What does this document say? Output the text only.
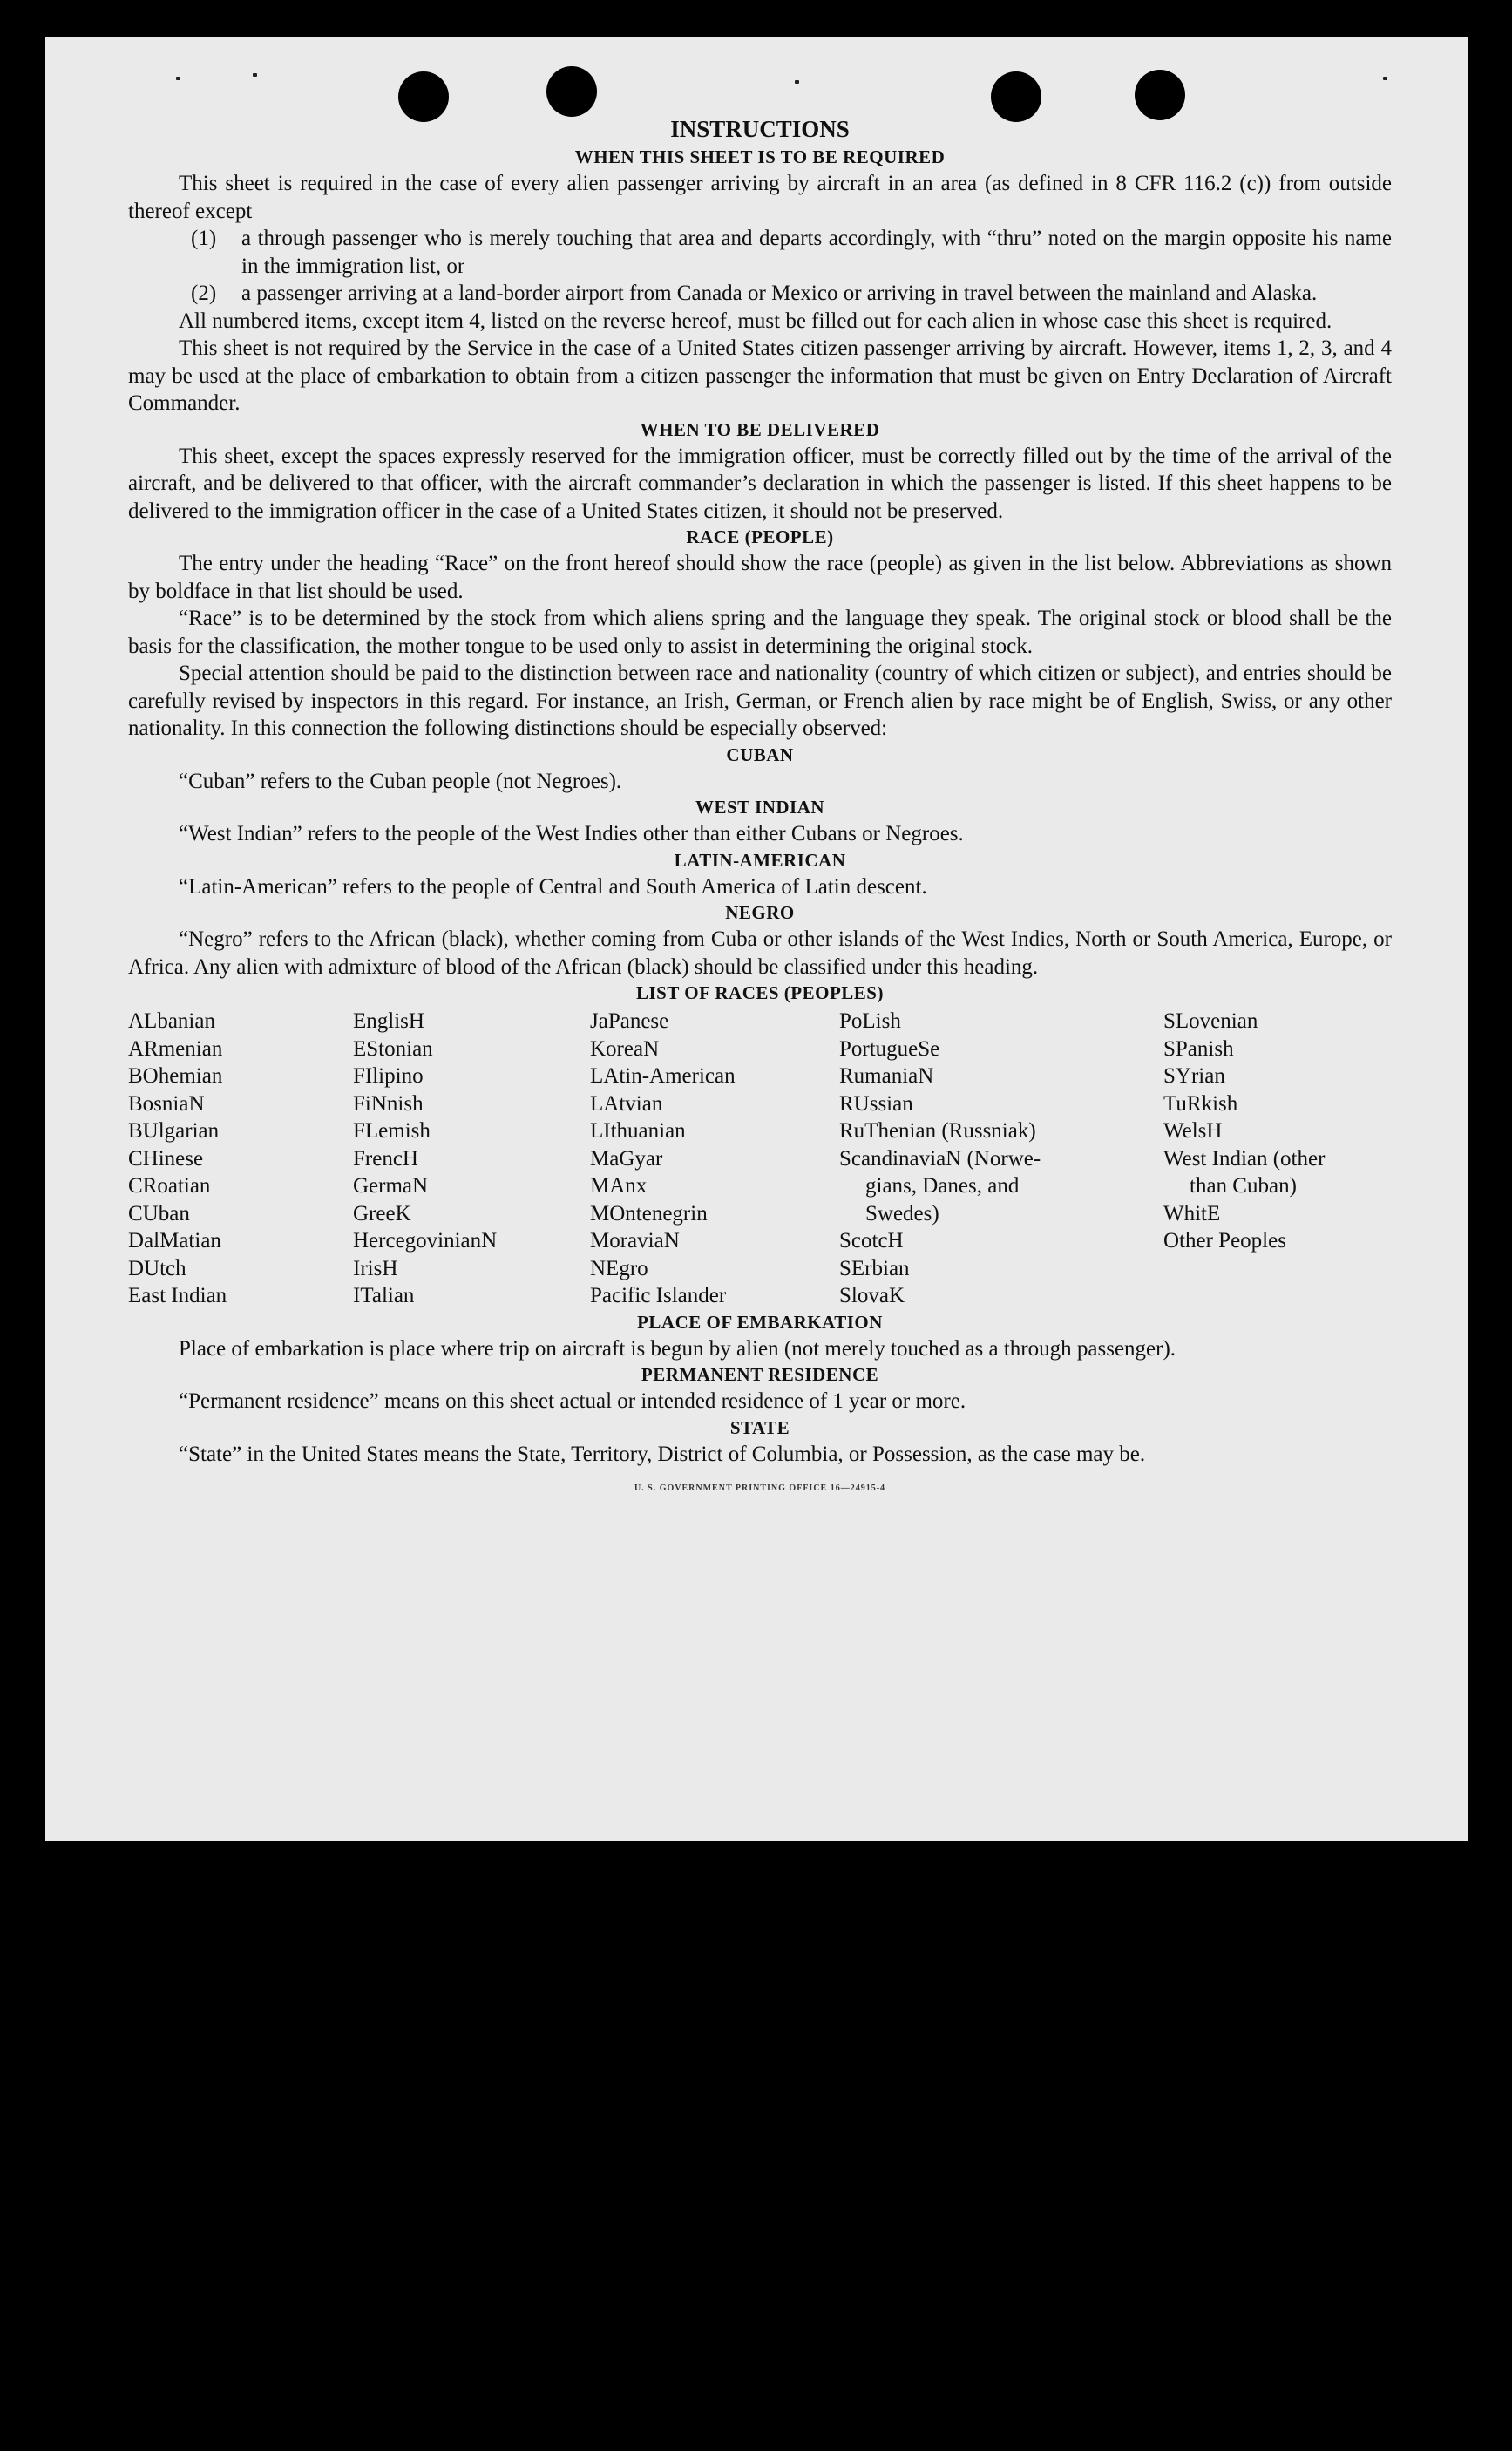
INSTRUCTIONS
WHEN THIS SHEET IS TO BE REQUIRED

This sheet is required in the case of every alien passenger arriving by aircraft in an area (as defined in 8 CFR 116.2 (c)) from outside thereof except

(1)	a through passenger who is merely touching that area and departs accordingly, with “thru” noted on the margin opposite his name in the immigration list, or
(2)	a passenger arriving at a land-border airport from Canada or Mexico or arriving in travel between the mainland and Alaska.

All numbered items, except item 4, listed on the reverse hereof, must be filled out for each alien in whose case this sheet is required.

This sheet is not required by the Service in the case of a United States citizen passenger arriving by aircraft. However, items 1, 2, 3, and 4 may be used at the place of embarkation to obtain from a citizen passenger the information that must be given on Entry Declaration of Aircraft Commander.

WHEN TO BE DELIVERED

This sheet, except the spaces expressly reserved for the immigration officer, must be correctly filled out by the time of the arrival of the aircraft, and be delivered to that officer, with the aircraft commander’s declaration in which the passenger is listed. If this sheet happens to be delivered to the immigration officer in the case of a United States citizen, it should not be preserved.

RACE (PEOPLE)

The entry under the heading “Race” on the front hereof should show the race (people) as given in the list below. Abbreviations as shown by boldface in that list should be used.

“Race” is to be determined by the stock from which aliens spring and the language they speak. The original stock or blood shall be the basis for the classification, the mother tongue to be used only to assist in determining the original stock.

Special attention should be paid to the distinction between race and nationality (country of which citizen or subject), and entries should be carefully revised by inspectors in this regard. For instance, an Irish, German, or French alien by race might be of English, Swiss, or any other nationality. In this connection the following distinctions should be especially observed:

CUBAN

“Cuban” refers to the Cuban people (not Negroes).

WEST INDIAN

“West Indian” refers to the people of the West Indies other than either Cubans or Negroes.

LATIN-AMERICAN

“Latin-American” refers to the people of Central and South America of Latin descent.

NEGRO

“Negro” refers to the African (black), whether coming from Cuba or other islands of the West Indies, North or South America, Europe, or Africa. Any alien with admixture of blood of the African (black) should be classified under this heading.

LIST OF RACES (PEOPLES)
ALbanian
ARmenian
BOhemian
BosniaN
BUlgarian
CHinese
CRoatian
CUban
DalMatian
DUtch
East Indian
EnglisH
EStonian
FIlipino
FiNnish
FLemish
FrencH
GermaN
GreeK
HercegovinianN
IrisH
ITalian
JaPanese
KoreaN
LAtin-American
LAtvian
LIthuanian
MaGyar
MAnx
MOntenegrin
MoraviaN
NEgro
Pacific Islander
PoLish
PortugueSe
RumaniaN
RUssian
RuThenian (Russniak)
ScandinaviaN (Norwe-
gians, Danes, and
Swedes)
ScotcH
SErbian
SlovaK
SLovenian
SPanish
SYrian
TuRkish
WelsH
West Indian (other
than Cuban)
WhitE
Other Peoples
PLACE OF EMBARKATION

Place of embarkation is place where trip on aircraft is begun by alien (not merely touched as a through passenger).

PERMANENT RESIDENCE

“Permanent residence” means on this sheet actual or intended residence of 1 year or more.

STATE

“State” in the United States means the State, Territory, District of Columbia, or Possession, as the case may be.

U. S. GOVERNMENT PRINTING OFFICE 16—24915-4
